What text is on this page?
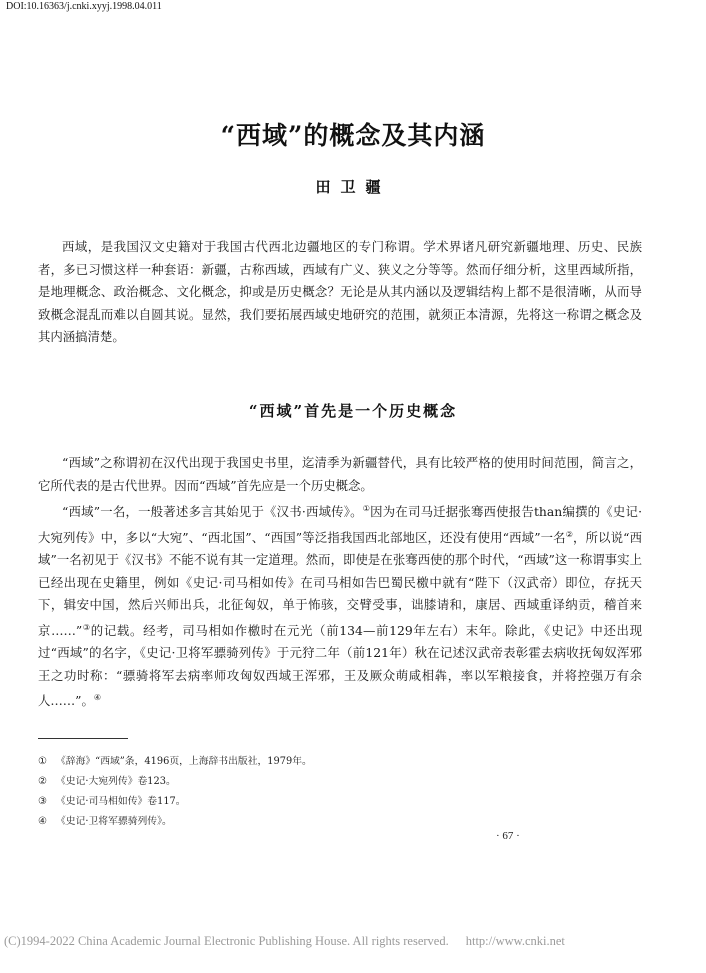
DOI:10.16363/j.cnki.xyyj.1998.04.011
“西域”的概念及其内涵
田卫疆

西域，是我国汉文史籍对于我国古代西北边疆地区的专门称谓。学术界诸凡研究新疆地理、历史、民族者，多已习惯这样一种套语：新疆，古称西域，西域有广义、狭义之分等等。然而仔细分析，这里西域所指，是地理概念、政治概念、文化概念，抑或是历史概念？无论是从其内涵以及逻辑结构上都不是很清晰，从而导致概念混乱而难以自圆其说。显然，我们要拓展西域史地研究的范围，就须正本清源，先将这一称谓之概念及其内涵搞清楚。

“西域”首先是一个历史概念

“西域”之称谓初在汉代出现于我国史书里，迄清季为新疆替代，具有比较严格的使用时间范围，简言之，它所代表的是古代世界。因而“西域”首先应是一个历史概念。

“西域”一名，一般著述多言其始见于《汉书·西域传》。①因为在司马迁据张骞西使报告than编撰的《史记·大宛列传》中，多以“大宛”、“西北国”、“西国”等泛指我国西北部地区，还没有使用“西域”一名②，所以说“西域”一名初见于《汉书》不能不说有其一定道理。然而，即使是在张骞西使的那个时代，“西域”这一称谓事实上已经出现在史籍里，例如《史记·司马相如传》在司马相如告巴蜀民檄中就有“陛下（汉武帝）即位，存抚天下，辑安中国，然后兴师出兵，北征匈奴，单于怖骇，交臂受事，诎膝请和，康居、西域重译纳贡，稽首来京……”③的记载。经考，司马相如作檄时在元光（前134—前129年左右）末年。除此，《史记》中还出现过“西域”的名字，《史记·卫将军骠骑列传》于元狩二年（前121年）秋在记述汉武帝表彰霍去病收抚匈奴浑邪王之功时称：“骠骑将军去病率师攻匈奴西域王浑邪，王及厥众萌咸相犇，率以军粮接食，并将控强万有余人……”。④

① 《辞海》“西域”条，4196页，上海辞书出版社，1979年。
② 《史记·大宛列传》卷123。
③ 《史记·司马相如传》卷117。
④ 《史记·卫将军骠骑列传》。
· 67 ·
(C)1994-2022 China Academic Journal Electronic Publishing House. All rights reserved. http://www.cnki.net
